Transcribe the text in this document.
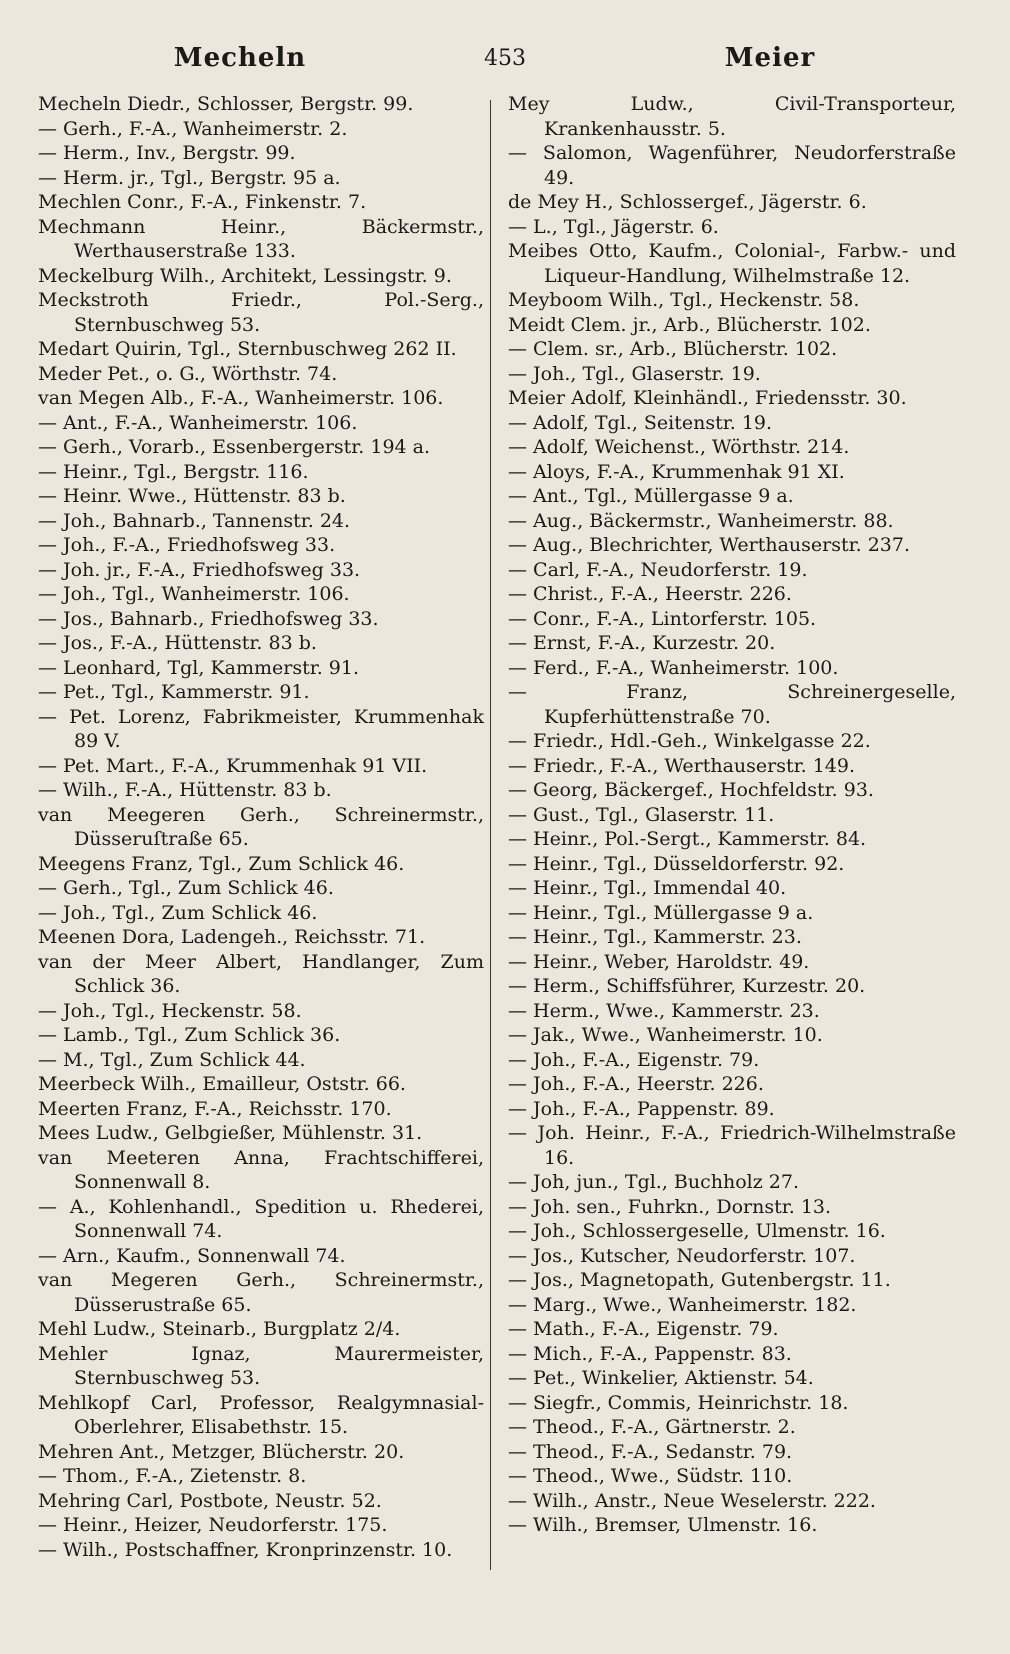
Mecheln	453	Meier
Mecheln Diedr., Schlosser, Bergstr. 99.
— Gerh., F.-A., Wanheimerstr. 2.
— Herm., Inv., Bergstr. 99.
— Herm. jr., Tgl., Bergstr. 95 a.
Mechlen Conr., F.-A., Finkenstr. 7.
Mechmann Heinr., Bäckermstr., Werthauserstraße 133.
Meckelburg Wilh., Architekt, Lessingstr. 9.
Meckstroth Friedr., Pol.-Serg., Sternbuschweg 53.
Medart Quirin, Tgl., Sternbuschweg 262 II.
Meder Pet., o. G., Wörthstr. 74.
van Megen Alb., F.-A., Wanheimerstr. 106.
— Ant., F.-A., Wanheimerstr. 106.
— Gerh., Vorarb., Essenbergerstr. 194 a.
— Heinr., Tgl., Bergstr. 116.
— Heinr. Wwe., Hüttenstr. 83 b.
— Joh., Bahnarb., Tannenstr. 24.
— Joh., F.-A., Friedhofsweg 33.
— Joh. jr., F.-A., Friedhofsweg 33.
— Joh., Tgl., Wanheimerstr. 106.
— Jos., Bahnarb., Friedhofsweg 33.
— Jos., F.-A., Hüttenstr. 83 b.
— Leonhard, Tgl, Kammerstr. 91.
— Pet., Tgl., Kammerstr. 91.
— Pet. Lorenz, Fabrikmeister, Krummenhak 89 V.
— Pet. Mart., F.-A., Krummenhak 91 VII.
— Wilh., F.-A., Hüttenstr. 83 b.
van Meegeren Gerh., Schreinermstr., Düsseruſtraße 65.
Meegens Franz, Tgl., Zum Schlick 46.
— Gerh., Tgl., Zum Schlick 46.
— Joh., Tgl., Zum Schlick 46.
Meenen Dora, Ladengeh., Reichsstr. 71.
van der Meer Albert, Handlanger, Zum Schlick 36.
— Joh., Tgl., Heckenstr. 58.
— Lamb., Tgl., Zum Schlick 36.
— M., Tgl., Zum Schlick 44.
Meerbeck Wilh., Emailleur, Oststr. 66.
Meerten Franz, F.-A., Reichsstr. 170.
Mees Ludw., Gelbgießer, Mühlenstr. 31.
van Meeteren Anna, Frachtschifferei, Sonnenwall 8.
— A., Kohlenhandl., Spedition u. Rhederei, Sonnenwall 74.
— Arn., Kaufm., Sonnenwall 74.
van Megeren Gerh., Schreinermstr., Düsserustraße 65.
Mehl Ludw., Steinarb., Burgplatz 2/4.
Mehler Ignaz, Maurermeister, Sternbuschweg 53.
Mehlkopf Carl, Professor, Realgymnasial-Oberlehrer, Elisabethstr. 15.
Mehren Ant., Metzger, Blücherstr. 20.
— Thom., F.-A., Zietenstr. 8.
Mehring Carl, Postbote, Neustr. 52.
— Heinr., Heizer, Neudorferstr. 175.
— Wilh., Postschaffner, Kronprinzenstr. 10.
Mey Ludw., Civil-Transporteur, Krankenhausstr. 5.
— Salomon, Wagenführer, Neudorferstraße 49.
de Mey H., Schlossergef., Jägerstr. 6.
— L., Tgl., Jägerstr. 6.
Meibes Otto, Kaufm., Colonial-, Farbw.- und Liqueur-Handlung, Wilhelmstraße 12.
Meyboom Wilh., Tgl., Heckenstr. 58.
Meidt Clem. jr., Arb., Blücherstr. 102.
— Clem. sr., Arb., Blücherstr. 102.
— Joh., Tgl., Glaserstr. 19.
Meier Adolf, Kleinhändl., Friedensstr. 30.
— Adolf, Tgl., Seitenstr. 19.
— Adolf, Weichenst., Wörthstr. 214.
— Aloys, F.-A., Krummenhak 91 XI.
— Ant., Tgl., Müllergasse 9 a.
— Aug., Bäckermstr., Wanheimerstr. 88.
— Aug., Blechrichter, Werthauserstr. 237.
— Carl, F.-A., Neudorferstr. 19.
— Christ., F.-A., Heerstr. 226.
— Conr., F.-A., Lintorferstr. 105.
— Ernst, F.-A., Kurzestr. 20.
— Ferd., F.-A., Wanheimerstr. 100.
— Franz, Schreinergeselle, Kupferhüttenstraße 70.
— Friedr., Hdl.-Geh., Winkelgasse 22.
— Friedr., F.-A., Werthauserstr. 149.
— Georg, Bäckergef., Hochfeldstr. 93.
— Gust., Tgl., Glaserstr. 11.
— Heinr., Pol.-Sergt., Kammerstr. 84.
— Heinr., Tgl., Düsseldorferstr. 92.
— Heinr., Tgl., Immendal 40.
— Heinr., Tgl., Müllergasse 9 a.
— Heinr., Tgl., Kammerstr. 23.
— Heinr., Weber, Haroldstr. 49.
— Herm., Schiffsführer, Kurzestr. 20.
— Herm., Wwe., Kammerstr. 23.
— Jak., Wwe., Wanheimerstr. 10.
— Joh., F.-A., Eigenstr. 79.
— Joh., F.-A., Heerstr. 226.
— Joh., F.-A., Pappenstr. 89.
— Joh. Heinr., F.-A., Friedrich-Wilhelmstraße 16.
— Joh, jun., Tgl., Buchholz 27.
— Joh. sen., Fuhrkn., Dornstr. 13.
— Joh., Schlossergeselle, Ulmenstr. 16.
— Jos., Kutscher, Neudorferstr. 107.
— Jos., Magnetopath, Gutenbergstr. 11.
— Marg., Wwe., Wanheimerstr. 182.
— Math., F.-A., Eigenstr. 79.
— Mich., F.-A., Pappenstr. 83.
— Pet., Winkelier, Aktienstr. 54.
— Siegfr., Commis, Heinrichstr. 18.
— Theod., F.-A., Gärtnerstr. 2.
— Theod., F.-A., Sedanstr. 79.
— Theod., Wwe., Südstr. 110.
— Wilh., Anstr., Neue Weselerstr. 222.
— Wilh., Bremser, Ulmenstr. 16.
